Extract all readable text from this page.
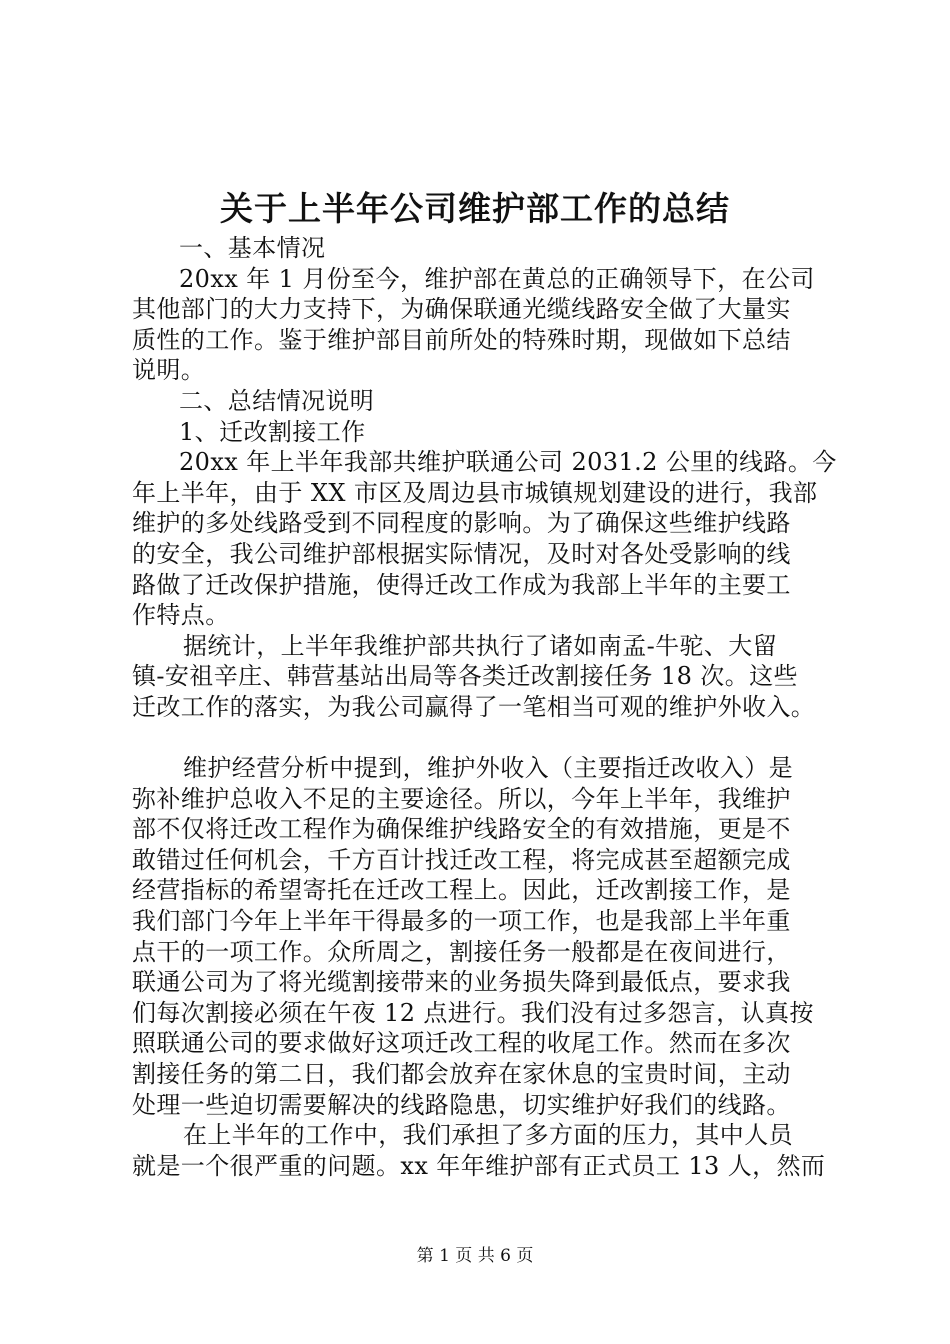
关于上半年公司维护部工作的总结
一、基本情况
20xx 年 1 月份至今，维护部在黄总的正确领导下，在公司
其他部门的大力支持下，为确保联通光缆线路安全做了大量实
质性的工作。鉴于维护部目前所处的特殊时期，现做如下总结
说明。
二、总结情况说明
1、迁改割接工作
20xx 年上半年我部共维护联通公司 2031.2 公里的线路。今
年上半年，由于 XX 市区及周边县市城镇规划建设的进行，我部
维护的多处线路受到不同程度的影响。为了确保这些维护线路
的安全，我公司维护部根据实际情况，及时对各处受影响的线
路做了迁改保护措施，使得迁改工作成为我部上半年的主要工
作特点。
据统计，上半年我维护部共执行了诸如南孟-牛驼、大留
镇-安祖辛庄、韩营基站出局等各类迁改割接任务 18 次。这些
迁改工作的落实，为我公司赢得了一笔相当可观的维护外收入。
维护经营分析中提到，维护外收入（主要指迁改收入）是
弥补维护总收入不足的主要途径。所以，今年上半年，我维护
部不仅将迁改工程作为确保维护线路安全的有效措施，更是不
敢错过任何机会，千方百计找迁改工程，将完成甚至超额完成
经营指标的希望寄托在迁改工程上。因此，迁改割接工作，是
我们部门今年上半年干得最多的一项工作，也是我部上半年重
点干的一项工作。众所周之，割接任务一般都是在夜间进行，
联通公司为了将光缆割接带来的业务损失降到最低点，要求我
们每次割接必须在午夜 12 点进行。我们没有过多怨言，认真按
照联通公司的要求做好这项迁改工程的收尾工作。然而在多次
割接任务的第二日，我们都会放弃在家休息的宝贵时间，主动
处理一些迫切需要解决的线路隐患，切实维护好我们的线路。
在上半年的工作中，我们承担了多方面的压力，其中人员
就是一个很严重的问题。xx 年年维护部有正式员工 13 人，然而
第 1 页 共 6 页
